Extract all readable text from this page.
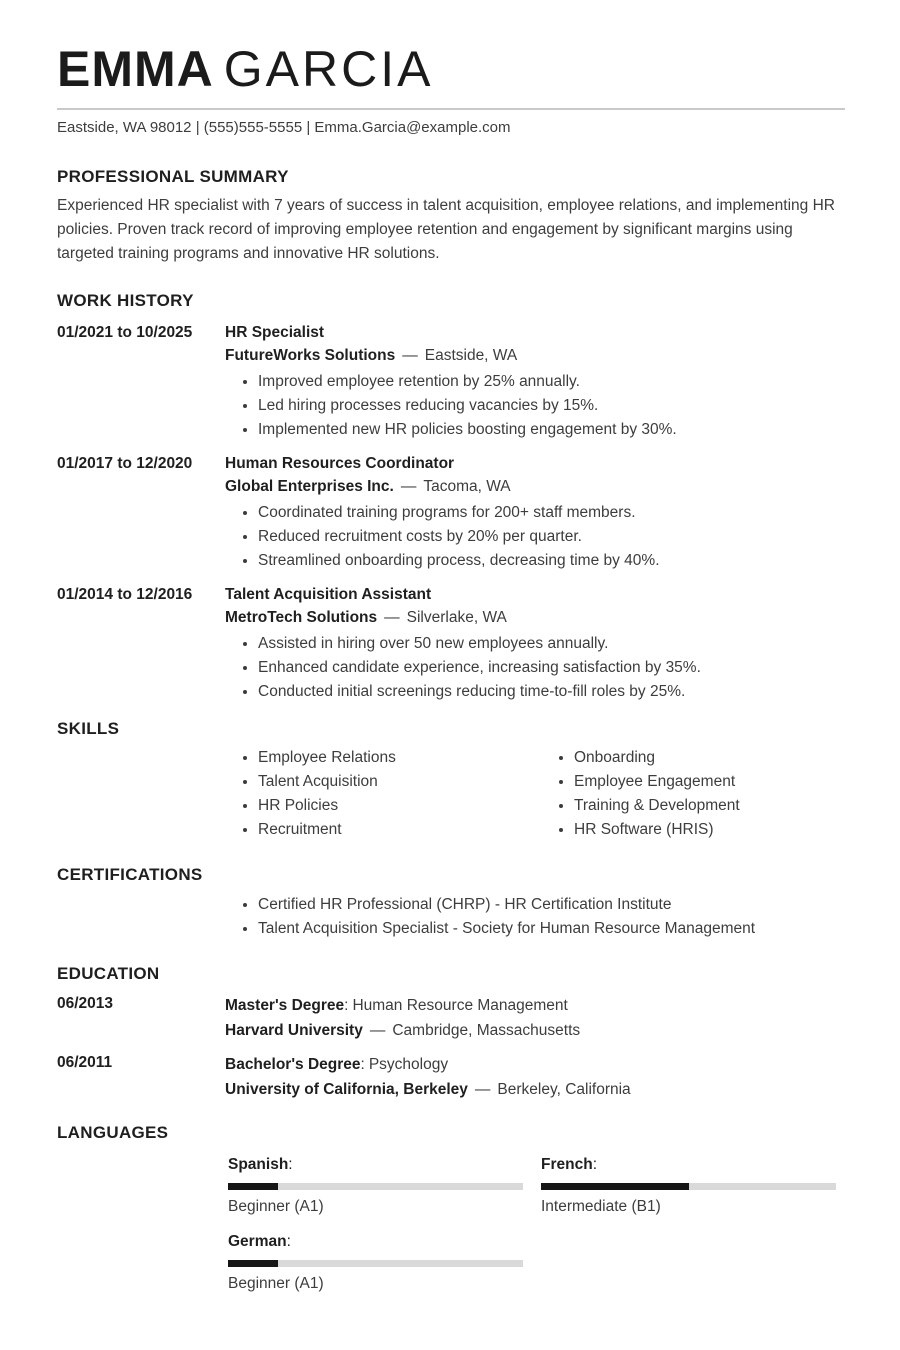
EMMA GARCIA
Eastside, WA 98012 | (555)555-5555 | Emma.Garcia@example.com
PROFESSIONAL SUMMARY
Experienced HR specialist with 7 years of success in talent acquisition, employee relations, and implementing HR policies. Proven track record of improving employee retention and engagement by significant margins using targeted training programs and innovative HR solutions.
WORK HISTORY
01/2021 to 10/2025	HR Specialist
FutureWorks Solutions — Eastside, WA
• Improved employee retention by 25% annually.
• Led hiring processes reducing vacancies by 15%.
• Implemented new HR policies boosting engagement by 30%.
01/2017 to 12/2020	Human Resources Coordinator
Global Enterprises Inc. — Tacoma, WA
• Coordinated training programs for 200+ staff members.
• Reduced recruitment costs by 20% per quarter.
• Streamlined onboarding process, decreasing time by 40%.
01/2014 to 12/2016	Talent Acquisition Assistant
MetroTech Solutions — Silverlake, WA
• Assisted in hiring over 50 new employees annually.
• Enhanced candidate experience, increasing satisfaction by 35%.
• Conducted initial screenings reducing time-to-fill roles by 25%.
SKILLS
• Employee Relations
• Talent Acquisition
• HR Policies
• Recruitment
• Onboarding
• Employee Engagement
• Training & Development
• HR Software (HRIS)
CERTIFICATIONS
• Certified HR Professional (CHRP) - HR Certification Institute
• Talent Acquisition Specialist - Society for Human Resource Management
EDUCATION
06/2013	Master's Degree: Human Resource Management
Harvard University — Cambridge, Massachusetts
06/2011	Bachelor's Degree: Psychology
University of California, Berkeley — Berkeley, California
LANGUAGES
Spanish:
Beginner (A1)
French:
Intermediate (B1)
German:
Beginner (A1)
